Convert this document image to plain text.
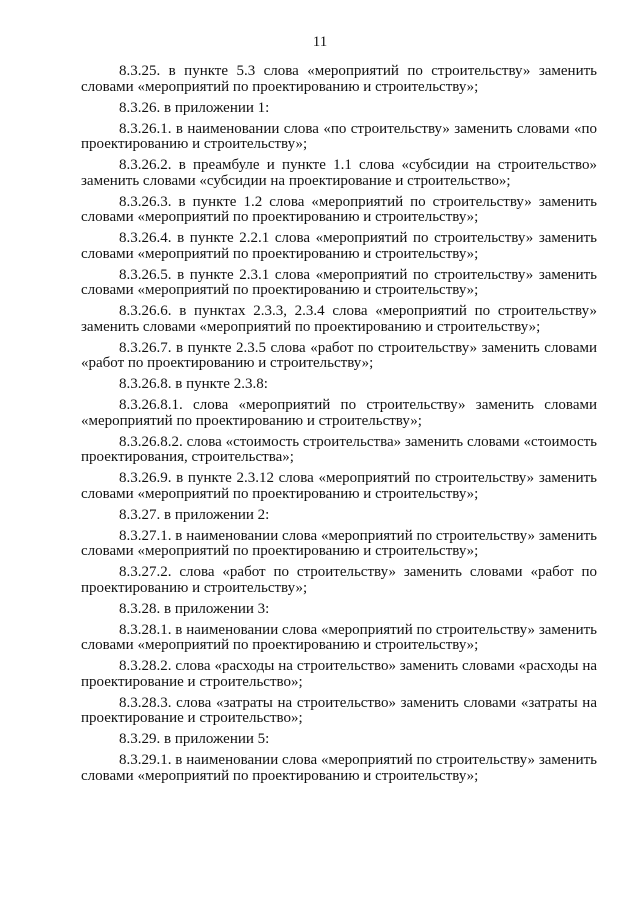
11

8.3.25. в пункте 5.3 слова «мероприятий по строительству» заменить словами «мероприятий по проектированию и строительству»;

8.3.26. в приложении 1:

8.3.26.1. в наименовании слова «по строительству» заменить словами «по проектированию и строительству»;

8.3.26.2. в преамбуле и пункте 1.1 слова «субсидии на строительство» заменить словами «субсидии на проектирование и строительство»;

8.3.26.3. в пункте 1.2 слова «мероприятий по строительству» заменить словами «мероприятий по проектированию и строительству»;

8.3.26.4. в пункте 2.2.1 слова «мероприятий по строительству» заменить словами «мероприятий по проектированию и строительству»;

8.3.26.5. в пункте 2.3.1 слова «мероприятий по строительству» заменить словами «мероприятий по проектированию и строительству»;

8.3.26.6. в пунктах 2.3.3, 2.3.4 слова «мероприятий по строительству» заменить словами «мероприятий по проектированию и строительству»;

8.3.26.7. в пункте 2.3.5 слова «работ по строительству» заменить словами «работ по проектированию и строительству»;

8.3.26.8. в пункте 2.3.8:

8.3.26.8.1. слова «мероприятий по строительству» заменить словами «мероприятий по проектированию и строительству»;

8.3.26.8.2. слова «стоимость строительства» заменить словами «стоимость проектирования, строительства»;

8.3.26.9. в пункте 2.3.12 слова «мероприятий по строительству» заменить словами «мероприятий по проектированию и строительству»;

8.3.27. в приложении 2:

8.3.27.1. в наименовании слова «мероприятий по строительству» заменить словами «мероприятий по проектированию и строительству»;

8.3.27.2. слова «работ по строительству» заменить словами «работ по проектированию и строительству»;

8.3.28. в приложении 3:

8.3.28.1. в наименовании слова «мероприятий по строительству» заменить словами «мероприятий по проектированию и строительству»;

8.3.28.2. слова «расходы на строительство» заменить словами «расходы на проектирование и строительство»;

8.3.28.3. слова «затраты на строительство» заменить словами «затраты на проектирование и строительство»;

8.3.29. в приложении 5:

8.3.29.1. в наименовании слова «мероприятий по строительству» заменить словами «мероприятий по проектированию и строительству»;
